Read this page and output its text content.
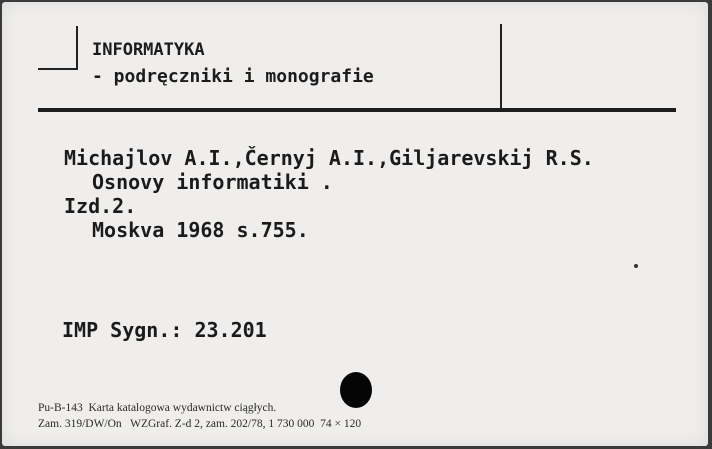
INFORMATYKA
- podręczniki i monografie
Michajlov A.I.,Černyj A.I.,Giljarevskij R.S.
Osnovy informatiki .
Izd.2.
Moskva 1968 s.755.
IMP Sygn.: 23.201
Pu-B-143  Karta katalogowa wydawnictw ciągłych.
Zam. 319/DW/On   WZGraf. Z-d 2, zam. 202/78, 1 730 000  74 × 120
